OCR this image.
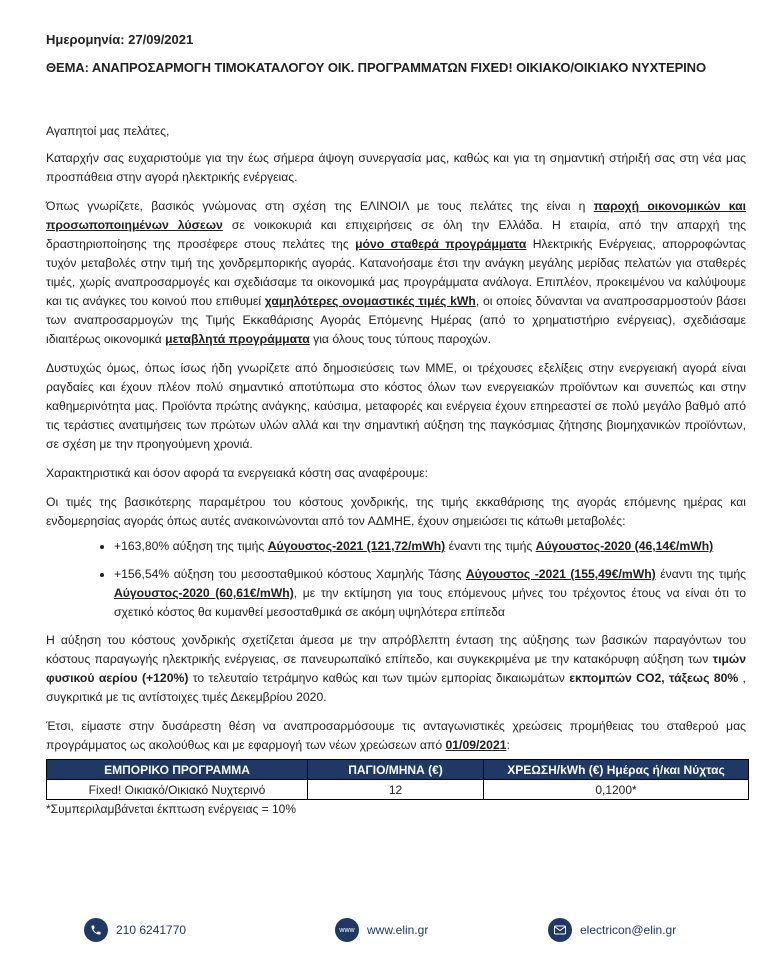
Ημερομηνία: 27/09/2021
ΘΕΜΑ: ΑΝΑΠΡΟΣΑΡΜΟΓΗ ΤΙΜΟΚΑΤΑΛΟΓΟΥ ΟΙΚ. ΠΡΟΓΡΑΜΜΑΤΩΝ FIXED! ΟΙΚΙΑΚΟ/ΟΙΚΙΑΚΟ ΝΥΧΤΕΡΙΝΟ

Αγαπητοί μας πελάτες,

Καταρχήν σας ευχαριστούμε για την έως σήμερα άψογη συνεργασία μας, καθώς και για τη σημαντική στήριξή σας στη νέα μας προσπάθεια στην αγορά ηλεκτρικής ενέργειας.

Όπως γνωρίζετε, βασικός γνώμονας στη σχέση της ΕΛΙΝΟΙΛ με τους πελάτες της είναι η παροχή οικονομικών και προσωποποιημένων λύσεων σε νοικοκυριά και επιχειρήσεις σε όλη την Ελλάδα. Η εταιρία, από την απαρχή της δραστηριοποίησης της προσέφερε στους πελάτες της μόνο σταθερά προγράμματα Ηλεκτρικής Ενέργειας, απορροφώντας τυχόν μεταβολές στην τιμή της χονδρεμπορικής αγοράς. Κατανοήσαμε έτσι την ανάγκη μεγάλης μερίδας πελατών για σταθερές τιμές, χωρίς αναπροσαρμογές και σχεδιάσαμε τα οικονομικά μας προγράμματα ανάλογα. Επιπλέον, προκειμένου να καλύψουμε και τις ανάγκες του κοινού που επιθυμεί χαμηλότερες ονομαστικές τιμές kWh, οι οποίες δύνανται να αναπροσαρμοστούν βάσει των αναπροσαρμογών της Τιμής Εκκαθάρισης Αγοράς Επόμενης Ημέρας (από το χρηματιστήριο ενέργειας), σχεδιάσαμε ιδιαιτέρως οικονομικά μεταβλητά προγράμματα για όλους τους τύπους παροχών.

Δυστυχώς όμως, όπως ίσως ήδη γνωρίζετε από δημοσιεύσεις των ΜΜΕ, οι τρέχουσες εξελίξεις στην ενεργειακή αγορά είναι ραγδαίες και έχουν πλέον πολύ σημαντικό αποτύπωμα στο κόστος όλων των ενεργειακών προϊόντων και συνεπώς και στην καθημερινότητα μας. Προϊόντα πρώτης ανάγκης, καύσιμα, μεταφορές και ενέργεια έχουν επηρεαστεί σε πολύ μεγάλο βαθμό από τις τεράστιες ανατιμήσεις των πρώτων υλών αλλά και την σημαντική αύξηση της παγκόσμιας ζήτησης βιομηχανικών προϊόντων, σε σχέση με την προηγούμενη χρονιά.

Χαρακτηριστικά και όσον αφορά τα ενεργειακά κόστη σας αναφέρουμε:

Οι τιμές της βασικότερης παραμέτρου του κόστους χονδρικής, της τιμής εκκαθάρισης της αγοράς επόμενης ημέρας και ενδομερησίας αγοράς όπως αυτές ανακοινώνονται από τον ΑΔΜΗΕ, έχουν σημειώσει τις κάτωθι μεταβολές:

• +163,80% αύξηση της τιμής Αύγουστος-2021 (121,72/mWh) έναντι της τιμής Αύγουστος-2020 (46,14€/mWh)
• +156,54% αύξηση του μεσοσταθμικού κόστους Χαμηλής Τάσης Αύγουστος -2021 (155,49€/mWh) έναντι της τιμής Αύγουστος-2020 (60,61€/mWh), με την εκτίμηση για τους επόμενους μήνες του τρέχοντος έτους να είναι ότι το σχετικό κόστος θα κυμανθεί μεσοσταθμικά σε ακόμη υψηλότερα επίπεδα

Η αύξηση του κόστους χονδρικής σχετίζεται άμεσα με την απρόβλεπτη ένταση της αύξησης των βασικών παραγόντων του κόστους παραγωγής ηλεκτρικής ενέργειας, σε πανευρωπαϊκό επίπεδο, και συγκεκριμένα με την κατακόρυφη αύξηση των τιμών φυσικού αερίου (+120%) το τελευταίο τετράμηνο καθώς και των τιμών εμπορίας δικαιωμάτων εκπομπών CO2, τάξεως 80% , συγκριτικά με τις αντίστοιχες τιμές Δεκεμβρίου 2020.

Έτσι, είμαστε στην δυσάρεστη θέση να αναπροσαρμόσουμε τις ανταγωνιστικές χρεώσεις προμήθειας του σταθερού μας προγράμματος ως ακολούθως και με εφαρμογή των νέων χρεώσεων από 01/09/2021:

ΕΜΠΟΡΙΚΟ ΠΡΟΓΡΑΜΜΑ	ΠΑΓΙΟ/ΜΗΝΑ (€)	ΧΡΕΩΣΗ/kWh (€) Ημέρας ή/και Νύχτας
Fixed! Οικιακό/Οικιακό Νυχτερινό	12	0,1200*
*Συμπεριλαμβάνεται έκπτωση ενέργειας = 10%
210 6241770	www www.elin.gr	electricon@elin.gr
